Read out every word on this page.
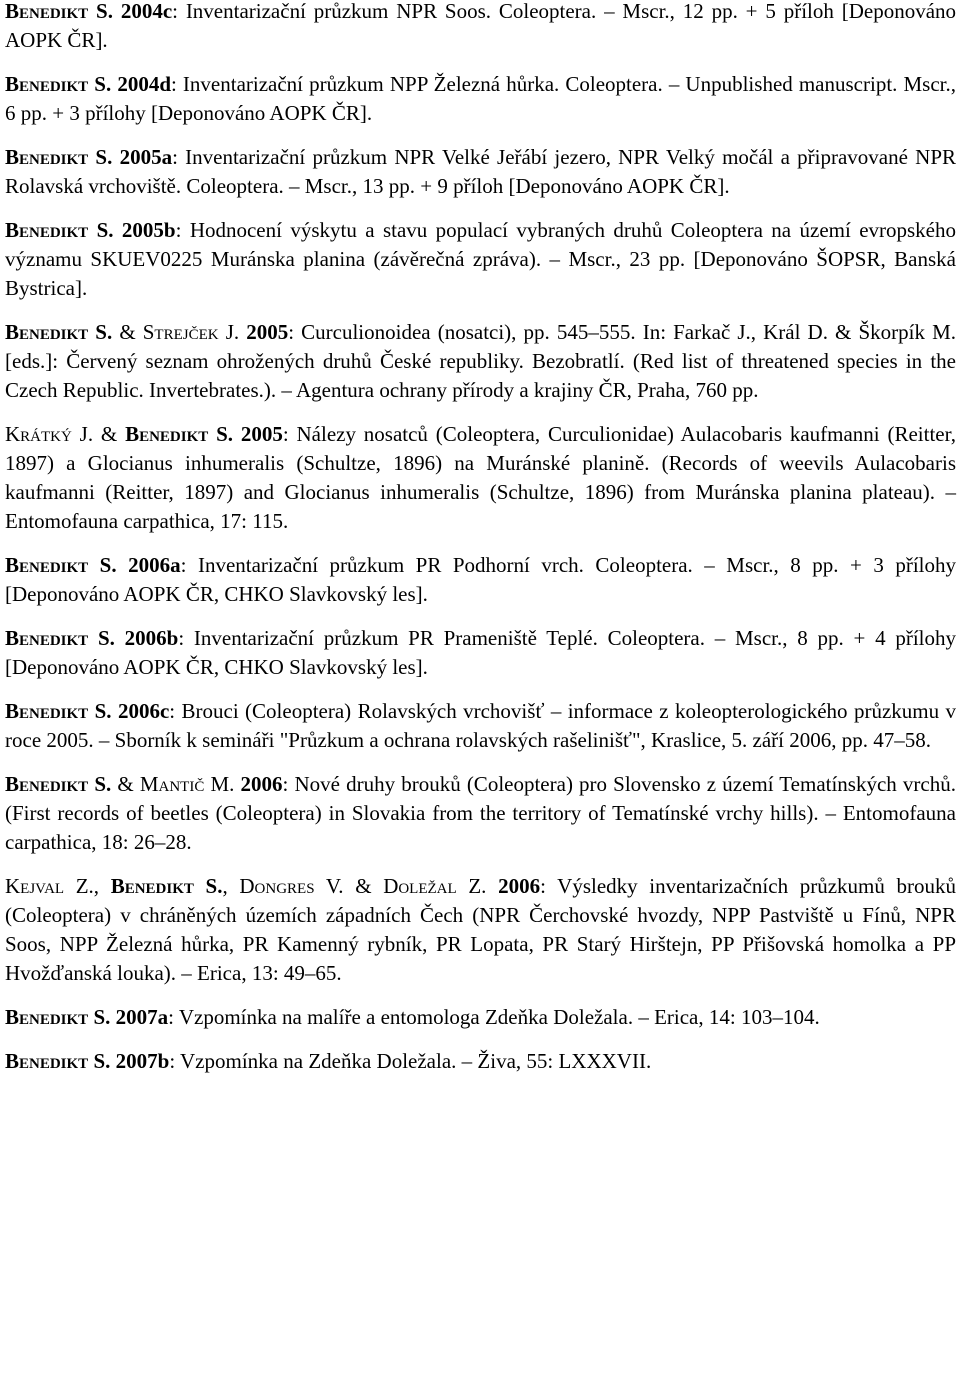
Benedikt S. 2004c: Inventarizační průzkum NPR Soos. Coleoptera. – Mscr., 12 pp. + 5 příloh [Deponováno AOPK ČR].

Benedikt S. 2004d: Inventarizační průzkum NPP Železná hůrka. Coleoptera. – Unpublished manuscript. Mscr., 6 pp. + 3 přílohy [Deponováno AOPK ČR].

Benedikt S. 2005a: Inventarizační průzkum NPR Velké Jeřábí jezero, NPR Velký močál a připravované NPR Rolavská vrchoviště. Coleoptera. – Mscr., 13 pp. + 9 příloh [Deponováno AOPK ČR].

Benedikt S. 2005b: Hodnocení výskytu a stavu populací vybraných druhů Coleoptera na území evropského významu SKUEV0225 Muránska planina (závěrečná zpráva). – Mscr., 23 pp. [Deponováno ŠOPSR, Banská Bystrica].

Benedikt S. & Strejček J. 2005: Curculionoidea (nosatci), pp. 545–555. In: Farkač J., Král D. & Škorpík M. [eds.]: Červený seznam ohrožených druhů České republiky. Bezobratlí. (Red list of threatened species in the Czech Republic. Invertebrates.). – Agentura ochrany přírody a krajiny ČR, Praha, 760 pp.

Krátký J. & Benedikt S. 2005: Nálezy nosatců (Coleoptera, Curculionidae) Aulacobaris kaufmanni (Reitter, 1897) a Glocianus inhumeralis (Schultze, 1896) na Muránské planině. (Records of weevils Aulacobaris kaufmanni (Reitter, 1897) and Glocianus inhumeralis (Schultze, 1896) from Muránska planina plateau). – Entomofauna carpathica, 17: 115.

Benedikt S. 2006a: Inventarizační průzkum PR Podhorní vrch. Coleoptera. – Mscr., 8 pp. + 3 přílohy [Deponováno AOPK ČR, CHKO Slavkovský les].

Benedikt S. 2006b: Inventarizační průzkum PR Prameniště Teplé. Coleoptera. – Mscr., 8 pp. + 4 přílohy [Deponováno AOPK ČR, CHKO Slavkovský les].

Benedikt S. 2006c: Brouci (Coleoptera) Rolavských vrchovišť – informace z koleopterologického průzkumu v roce 2005. – Sborník k semináři "Průzkum a ochrana rolavských rašelinišť", Kraslice, 5. září 2006, pp. 47–58.

Benedikt S. & Mantič M. 2006: Nové druhy brouků (Coleoptera) pro Slovensko z území Tematínských vrchů. (First records of beetles (Coleoptera) in Slovakia from the territory of Tematínské vrchy hills). – Entomofauna carpathica, 18: 26–28.

Kejval Z., Benedikt S., Dongres V. & Doležal Z. 2006: Výsledky inventarizačních průzkumů brouků (Coleoptera) v chráněných územích západních Čech (NPR Čerchovské hvozdy, NPP Pastviště u Fínů, NPR Soos, NPP Železná hůrka, PR Kamenný rybník, PR Lopata, PR Starý Hirštejn, PP Přišovská homolka a PP Hvožďanská louka). – Erica, 13: 49–65.

Benedikt S. 2007a: Vzpomínka na malíře a entomologa Zdeňka Doležala. – Erica, 14: 103–104.

Benedikt S. 2007b: Vzpomínka na Zdeňka Doležala. – Živa, 55: LXXXVII.
